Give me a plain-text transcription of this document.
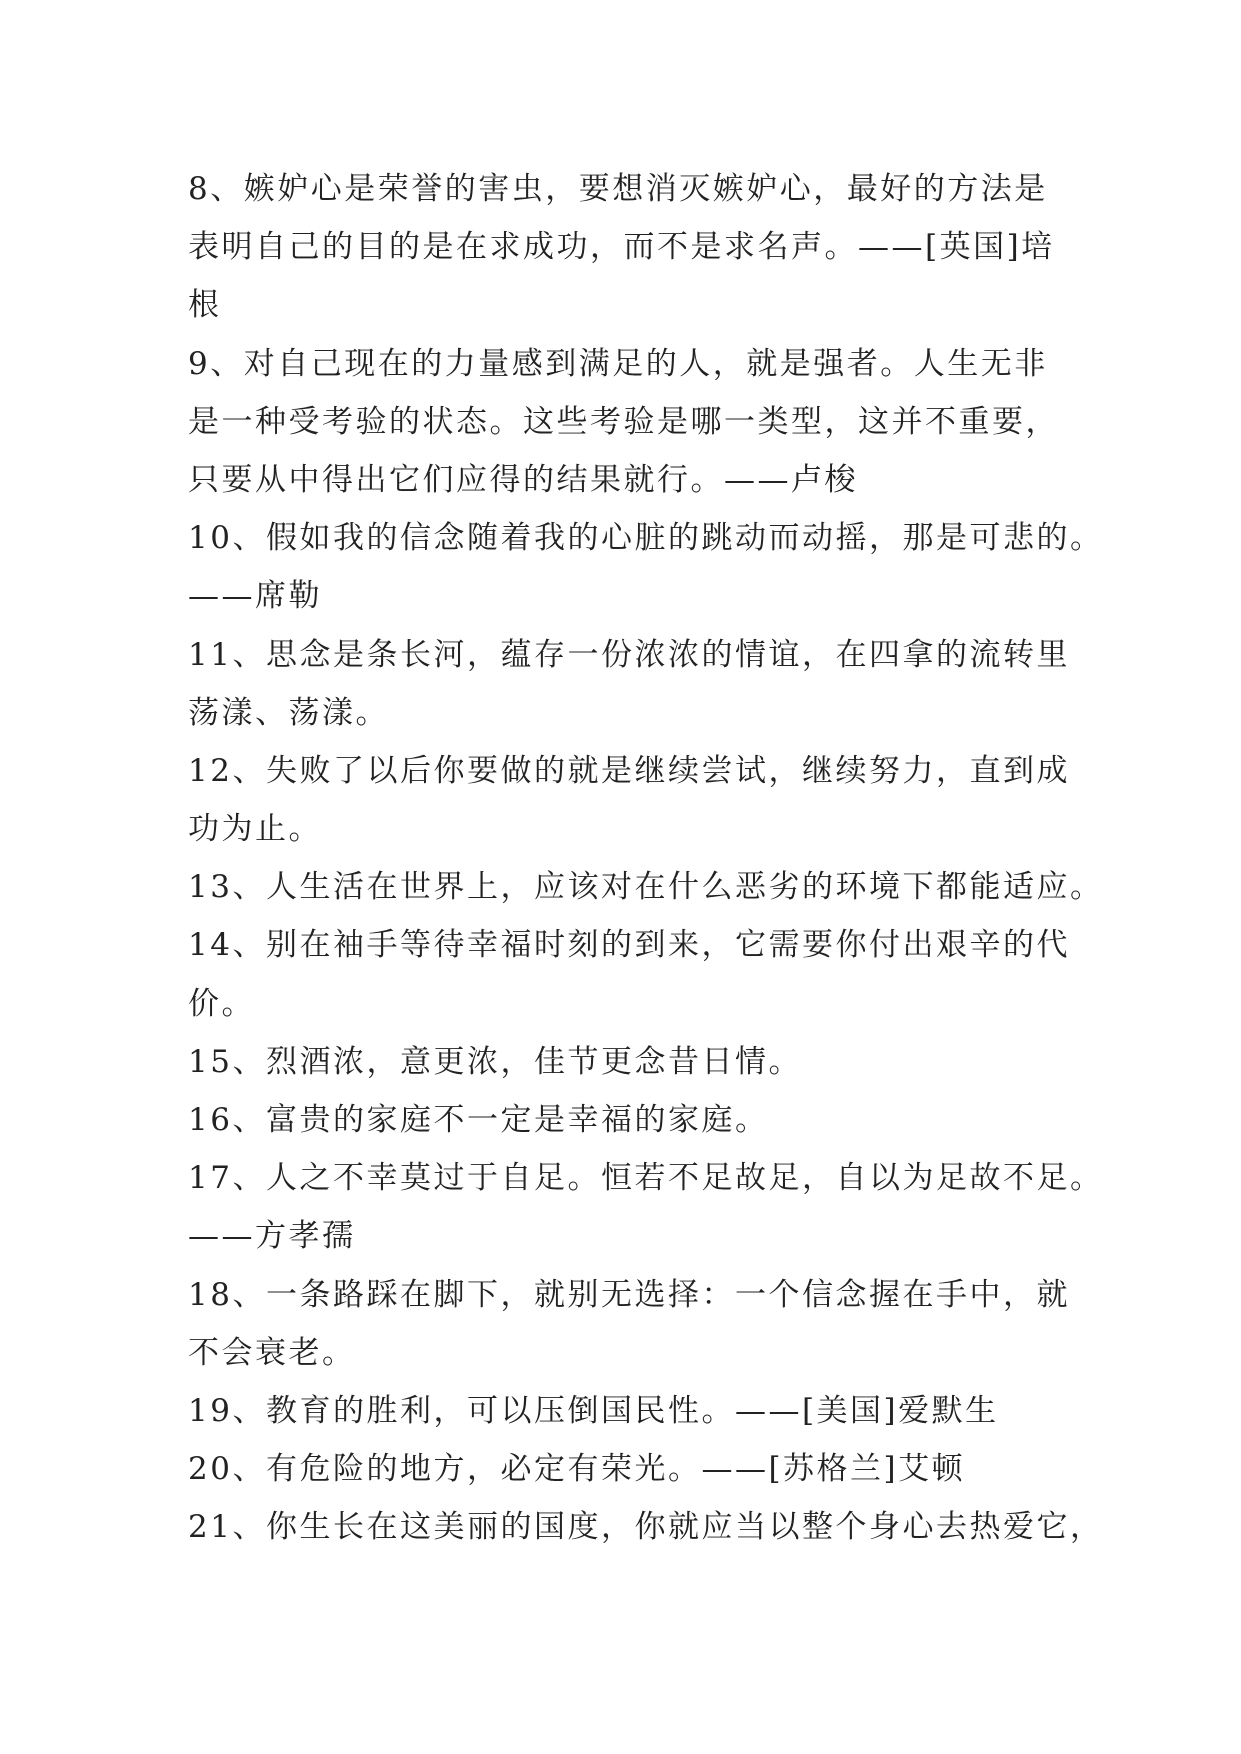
8、嫉妒心是荣誉的害虫，要想消灭嫉妒心，最好的方法是
表明自己的目的是在求成功，而不是求名声。——[英国]培
根
9、对自己现在的力量感到满足的人，就是强者。人生无非
是一种受考验的状态。这些考验是哪一类型，这并不重要，
只要从中得出它们应得的结果就行。——卢梭
10、假如我的信念随着我的心脏的跳动而动摇，那是可悲的。
——席勒
11、思念是条长河，蕴存一份浓浓的情谊，在四拿的流转里
荡漾、荡漾。
12、失败了以后你要做的就是继续尝试，继续努力，直到成
功为止。
13、人生活在世界上，应该对在什么恶劣的环境下都能适应。
14、别在袖手等待幸福时刻的到来，它需要你付出艰辛的代
价。
15、烈酒浓，意更浓，佳节更念昔日情。
16、富贵的家庭不一定是幸福的家庭。
17、人之不幸莫过于自足。恒若不足故足，自以为足故不足。
——方孝孺
18、一条路踩在脚下，就别无选择：一个信念握在手中，就
不会衰老。
19、教育的胜利，可以压倒国民性。——[美国]爱默生
20、有危险的地方，必定有荣光。——[苏格兰]艾顿
21、你生长在这美丽的国度，你就应当以整个身心去热爱它，
